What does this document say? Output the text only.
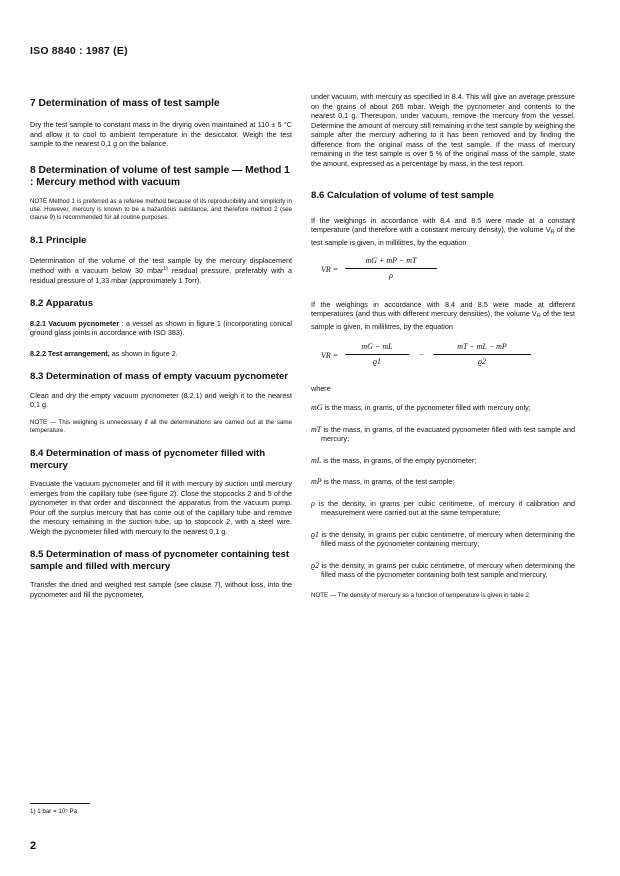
ISO 8840 : 1987 (E)

7 Determination of mass of test sample

Dry the test sample to constant mass in the drying oven maintained at 110 ± 5 °C and allow it to cool to ambient temperature in the desiccator. Weigh the test sample to the nearest 0,1 g on the balance.

8 Determination of volume of test sample — Method 1 : Mercury method with vacuum

NOTE Method 1 is preferred as a referee method because of its reproducibility and simplicity in use. However, mercury is known to be a hazardous substance, and therefore method 2 (see clause 9) is recommended for all routine purposes.

8.1 Principle

Determination of the volume of the test sample by the mercury displacement method with a vacuum below 30 mbar$^{1)}$ residual pressure, preferably with a residual pressure of 1,33 mbar (approximately 1 Torr).

8.2 Apparatus

8.2.1 Vacuum pycnometer : a vessel as shown in figure 1 (incorporating conical ground glass joints in accordance with ISO 383).

8.2.2 Test arrangement, as shown in figure 2.

8.3 Determination of mass of empty vacuum pycnometer

Clean and dry the empty vacuum pycnometer (8.2.1) and weigh it to the nearest 0,1 g.

NOTE — This weighing is unnecessary if all the determinations are carried out at the same temperature.

8.4 Determination of mass of pycnometer filled with mercury

Evacuate the vacuum pycnometer and fill it with mercury by suction until mercury emerges from the capillary tube (see figure 2). Close the stopcocks 2 and 5 of the pycnometer in that order and disconnect the apparatus from the vacuum pump. Pour off the surplus mercury that has come out of the capillary tube and remove the mercury remaining in the suction tube, up to stopcock 2, with a steel wire. Weigh the pycnometer filled with mercury to the nearest 0,1 g.

8.5 Determination of mass of pycnometer containing test sample and filled with mercury

Transfer the dried and weighed test sample (see clause 7), without loss, into the pycnometer and fill the pycnometer,

under vacuum, with mercury as specified in 8.4. This will give an average pressure on the grains of about 265 mbar. Weigh the pycnometer and contents to the nearest 0,1 g. Thereupon, under vacuum, remove the mercury from the vessel. Determine the amount of mercury still remaining in the test sample by weighing the sample after the mercury adhering to it has been removed and by finding the difference from the original mass of the test sample. If the mass of mercury remaining in the test sample is over 5 % of the original mass of the sample, state the amount, expressed as a percentage by mass, in the test report.

8.6 Calculation of volume of test sample

If the weighings in accordance with 8.4 and 8.5 were made at a constant temperature (and therefore with a constant mercury density), the volume $V_R$ of the test sample is given, in millilitres, by the equation

VR =
mG + mP − mT
ρ

If the weighings in accordance with 8.4 and 8.5 were made at different temperatures (and thus with different mercury densities), the volume $V_R$ of the test sample is given, in millilitres, by the equation

VR =
mG − mL
ϱ1
−
mT − mL − mP
ϱ2

where

mG is the mass, in grams, of the pycnometer filled with mercury only;

mT is the mass, in grams, of the evacuated pycnometer filled with test sample and mercury;

mL is the mass, in grams, of the empty pycnometer;

mP is the mass, in grams, of the test sample;

ρ is the density, in grams per cubic centimetre, of mercury if calibration and measurement were carried out at the same temperature;

ϱ1 is the density, in grams per cubic centimetre, of mercury when determining the filled mass of the pycnometer containing mercury;

ϱ2 is the density, in grams per cubic centimetre, of mercury when determining the filled mass of the pycnometer containing both test sample and mercury.

NOTE — The density of mercury as a function of temperature is given in table 2.

1) 1 bar = 10⁵ Pa
2
